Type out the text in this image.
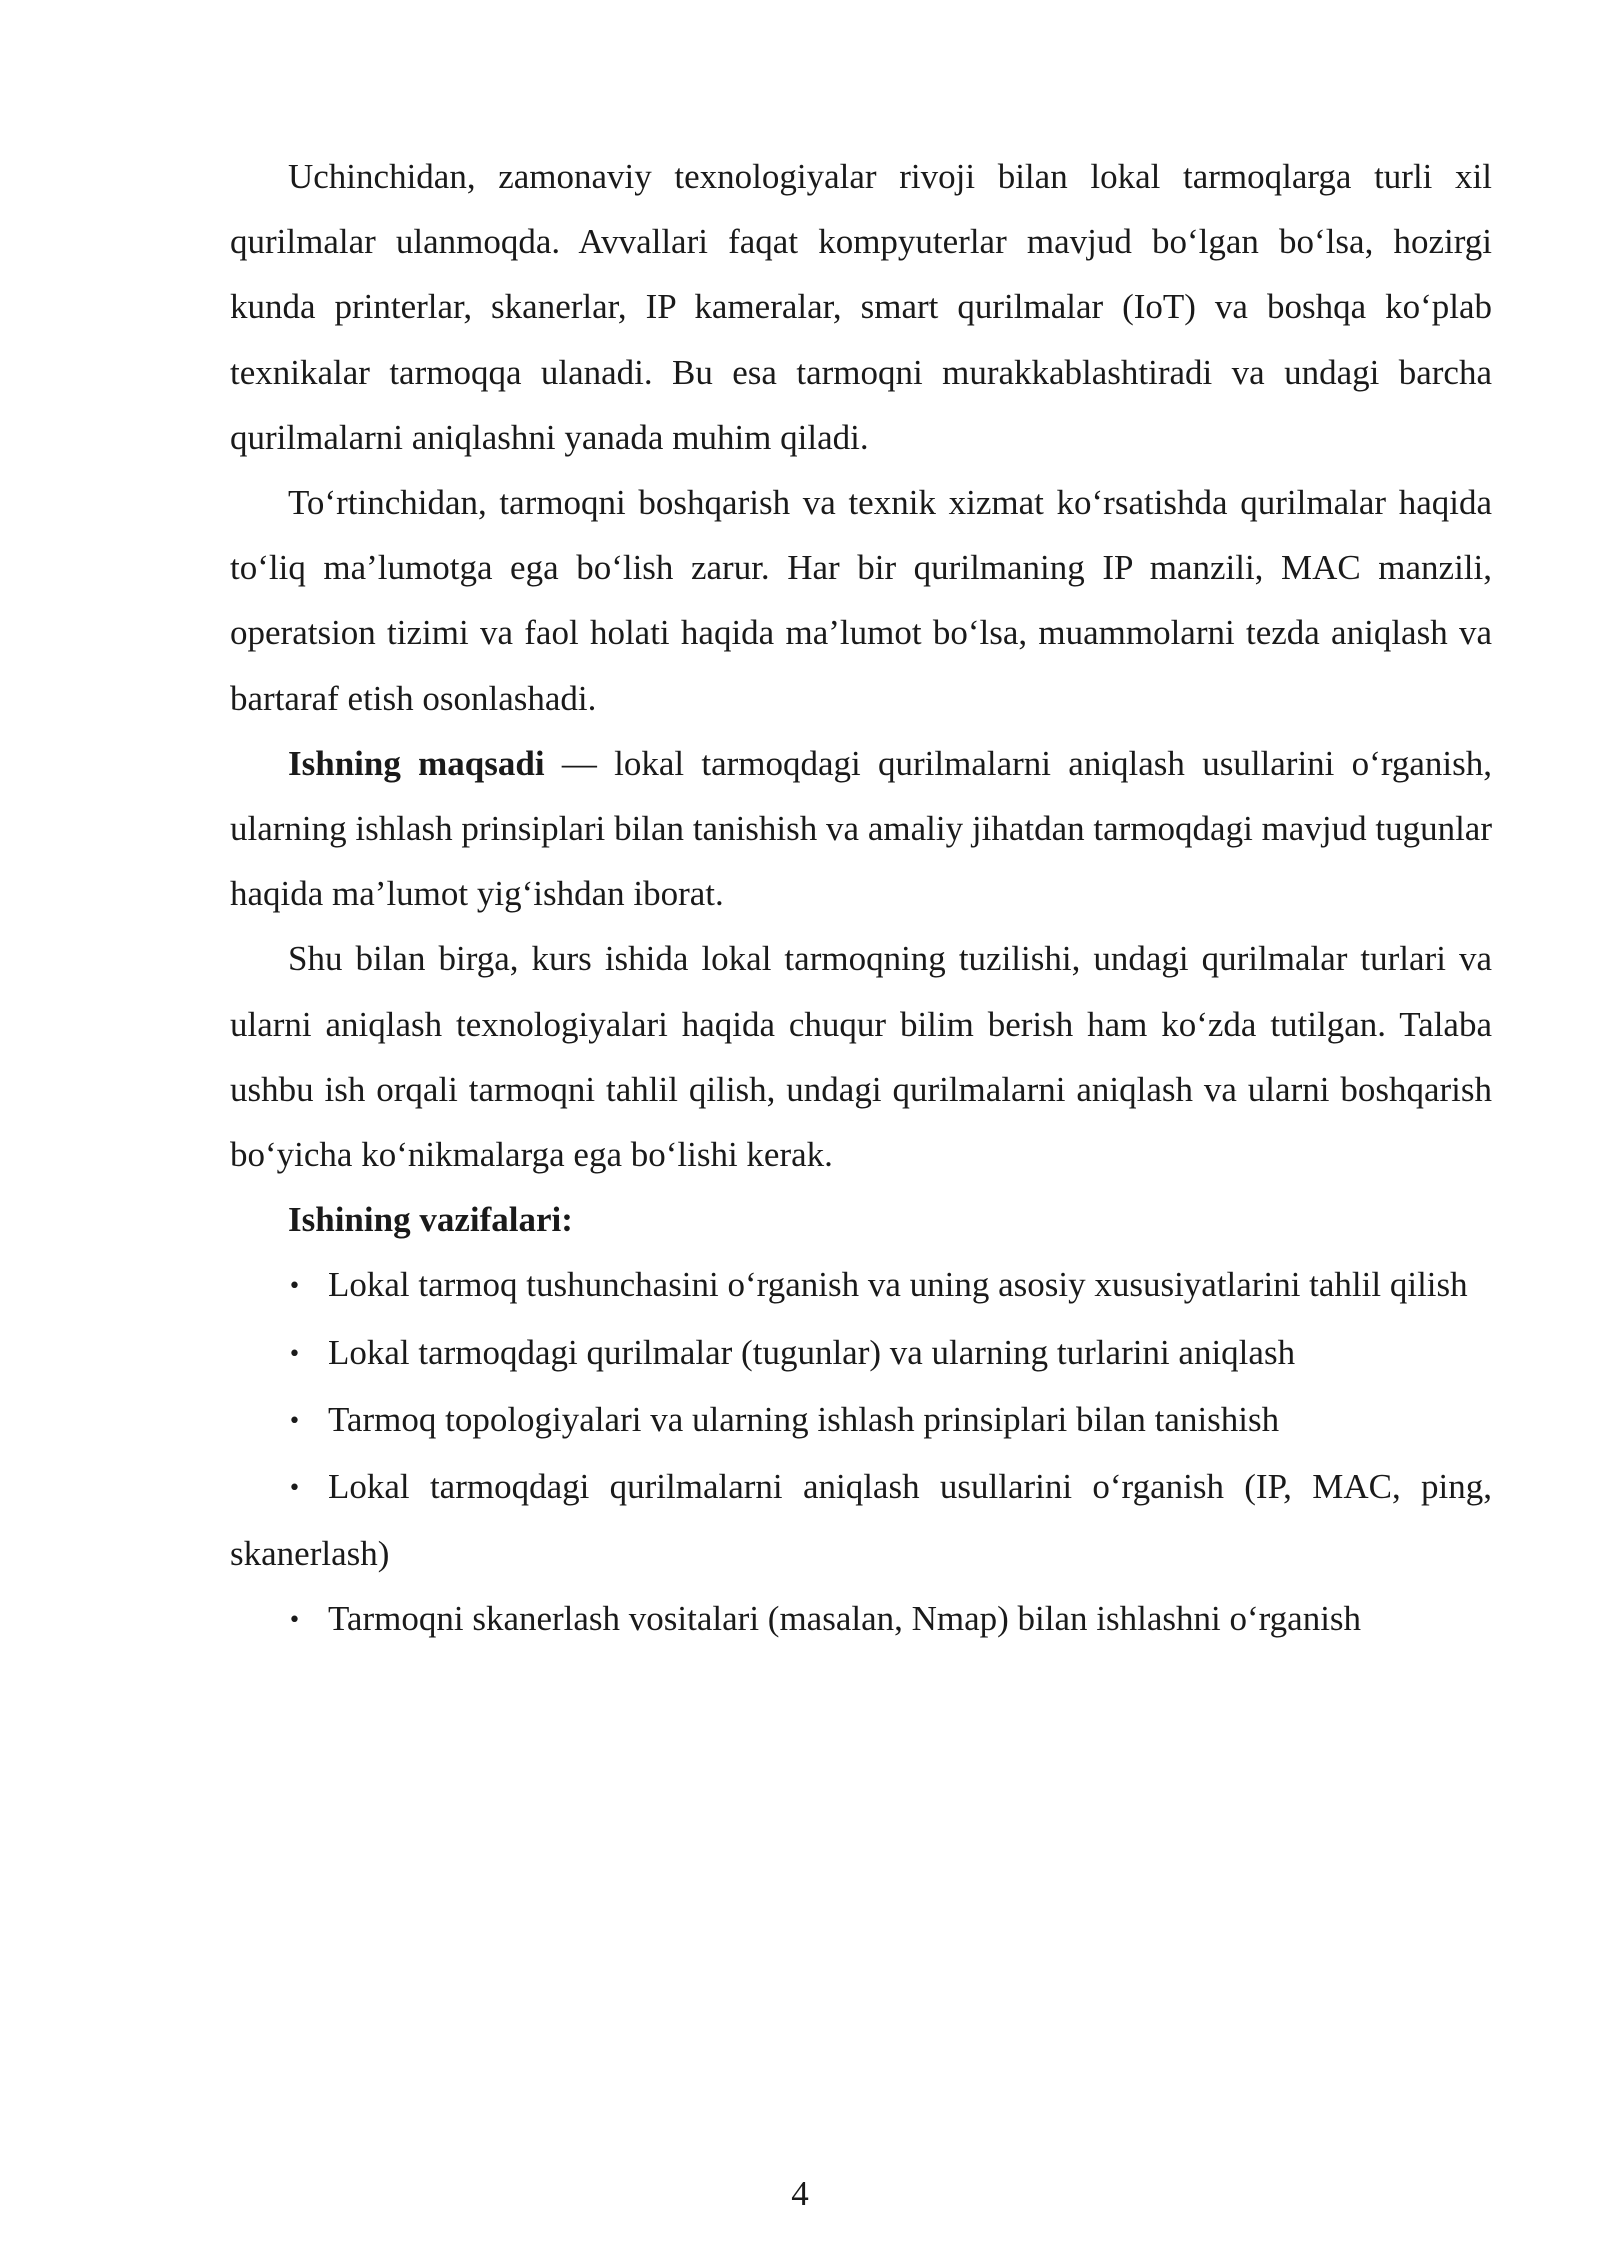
Uchinchidan, zamonaviy texnologiyalar rivoji bilan lokal tarmoqlarga turli xil qurilmalar ulanmoqda. Avvallari faqat kompyuterlar mavjud bo‘lgan bo‘lsa, hozirgi kunda printerlar, skanerlar, IP kameralar, smart qurilmalar (IoT) va boshqa ko‘plab texnikalar tarmoqqa ulanadi. Bu esa tarmoqni murakkablashtiradi va undagi barcha qurilmalarni aniqlashni yanada muhim qiladi.

To‘rtinchidan, tarmoqni boshqarish va texnik xizmat ko‘rsatishda qurilmalar haqida to‘liq ma’lumotga ega bo‘lish zarur. Har bir qurilmaning IP manzili, MAC manzili, operatsion tizimi va faol holati haqida ma’lumot bo‘lsa, muammolarni tezda aniqlash va bartaraf etish osonlashadi.

Ishning maqsadi — lokal tarmoqdagi qurilmalarni aniqlash usullarini o‘rganish, ularning ishlash prinsiplari bilan tanishish va amaliy jihatdan tarmoqdagi mavjud tugunlar haqida ma’lumot yig‘ishdan iborat.

Shu bilan birga, kurs ishida lokal tarmoqning tuzilishi, undagi qurilmalar turlari va ularni aniqlash texnologiyalari haqida chuqur bilim berish ham ko‘zda tutilgan. Talaba ushbu ish orqali tarmoqni tahlil qilish, undagi qurilmalarni aniqlash va ularni boshqarish bo‘yicha ko‘nikmalarga ega bo‘lishi kerak.

Ishining vazifalari:

• Lokal tarmoq tushunchasini o‘rganish va uning asosiy xususiyatlarini tahlil qilish
• Lokal tarmoqdagi qurilmalar (tugunlar) va ularning turlarini aniqlash
• Tarmoq topologiyalari va ularning ishlash prinsiplari bilan tanishish
• Lokal tarmoqdagi qurilmalarni aniqlash usullarini o‘rganish (IP, MAC, ping, skanerlash)
• Tarmoqni skanerlash vositalari (masalan, Nmap) bilan ishlashni o‘rganish
4
